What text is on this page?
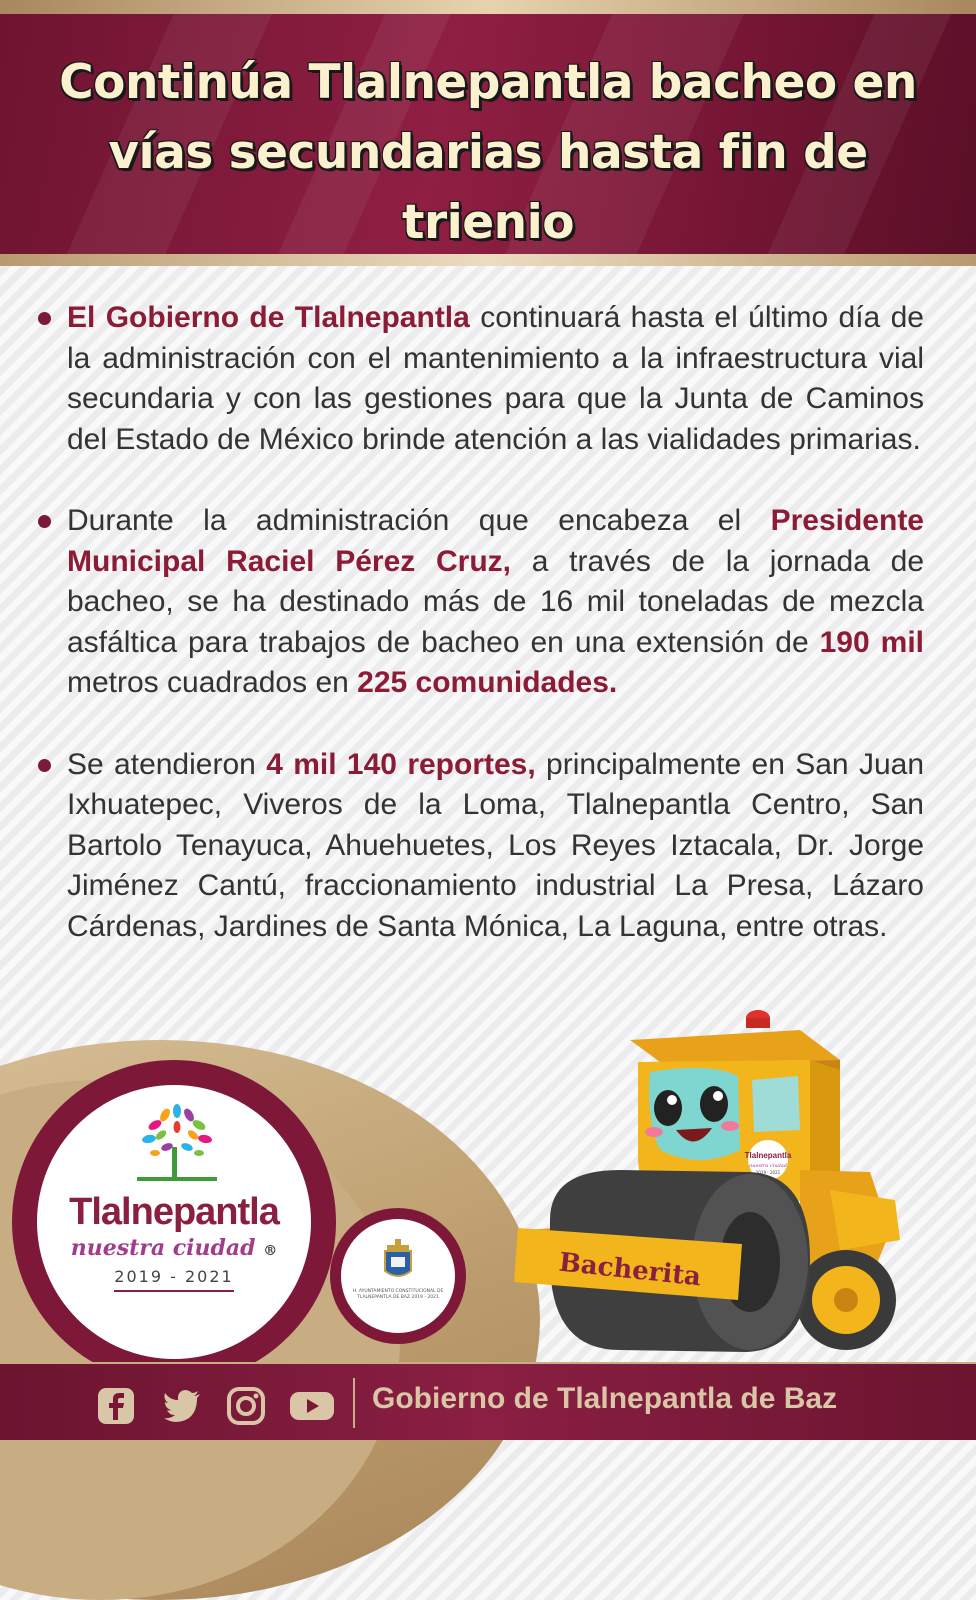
Continúa Tlalnepantla bacheo en vías secundarias hasta fin de trienio
El Gobierno de Tlalnepantla continuará hasta el último día de la administración con el mantenimiento a la infraestructura vial secundaria y con las gestiones para que la Junta de Caminos del Estado de México brinde atención a las vialidades primarias.
Durante la administración que encabeza el Presidente Municipal Raciel Pérez Cruz, a través de la jornada de bacheo, se ha destinado más de 16 mil toneladas de mezcla asfáltica para trabajos de bacheo en una extensión de 190 mil metros cuadrados en 225 comunidades.
Se atendieron 4 mil 140 reportes, principalmente en San Juan Ixhuatepec, Viveros de la Loma, Tlalnepantla Centro, San Bartolo Tenayuca, Ahuehuetes, Los Reyes Iztacala, Dr. Jorge Jiménez Cantú, fraccionamiento industrial La Presa, Lázaro Cárdenas, Jardines de Santa Mónica, La Laguna, entre otras.
Tlalnepantla
nuestra ciudad ®
2019 - 2021
H. AYUNTAMIENTO CONSTITUCIONAL DE TLALNEPANTLA DE BAZ 2019 - 2021
Tlalnepantla
nuestra ciudad
2019 - 2021
Bacherita
Gobierno de Tlalnepantla de Baz
